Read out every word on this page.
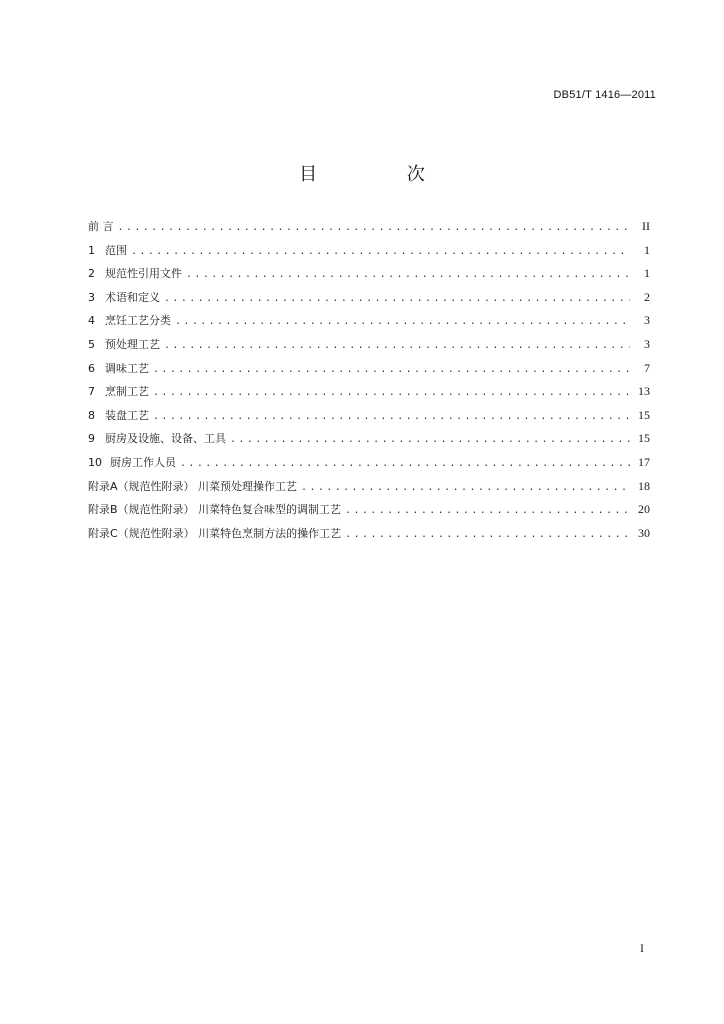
DB51/T 1416—2011
目 次
前 言 .....	II
1 范围 .....	1
2 规范性引用文件 .....	1
3 术语和定义 .....	2
4 烹饪工艺分类 .....	3
5 预处理工艺 .....	3
6 调味工艺 .....	7
7 烹制工艺 .....	13
8 装盘工艺 .....	15
9 厨房及设施、设备、工具 .....	15
10 厨房工作人员 .....	17
附录A（规范性附录） 川菜预处理操作工艺 .....	18
附录B（规范性附录） 川菜特色复合味型的调制工艺 .....	20
附录C（规范性附录） 川菜特色烹制方法的操作工艺 .....	30
I
